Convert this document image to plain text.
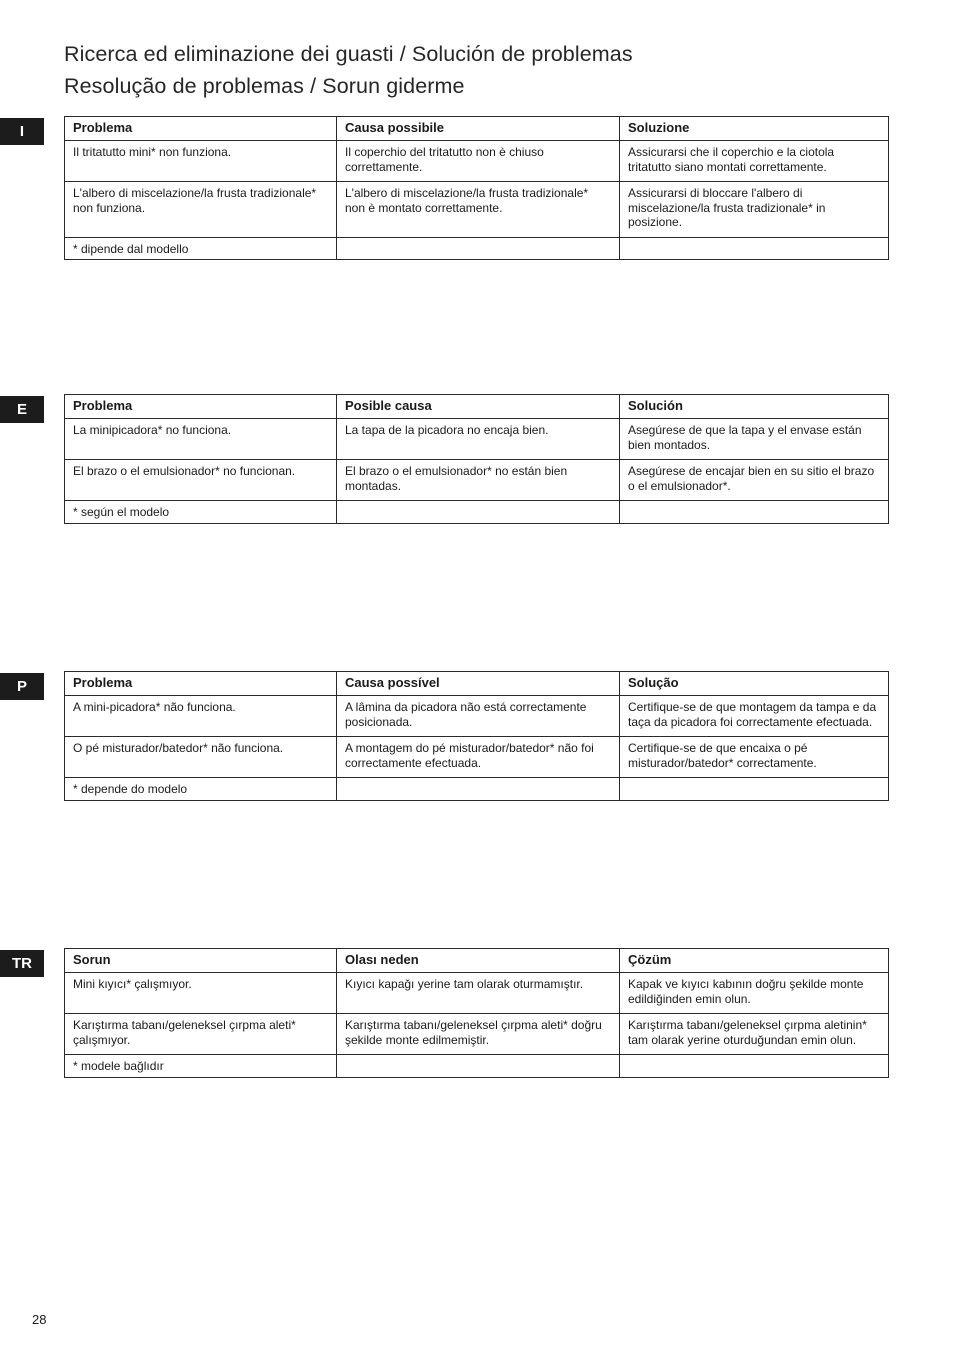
Ricerca ed eliminazione dei guasti / Solución de problemas
Resolução de problemas / Sorun giderme
I	Problema	Causa possibile	Soluzione
Il tritatutto mini* non funziona.	Il coperchio del tritatutto non è chiuso correttamente.	Assicurarsi che il coperchio e la ciotola tritatutto siano montati correttamente.
L'albero di miscelazione/la frusta tradizionale* non funziona.	L'albero di miscelazione/la frusta tradizionale* non è montato correttamente.	Assicurarsi di bloccare l'albero di miscelazione/la frusta tradizionale* in posizione.
* dipende dal modello		
E	Problema	Posible causa	Solución
La minipicadora* no funciona.	La tapa de la picadora no encaja bien.	Asegúrese de que la tapa y el envase están bien montados.
El brazo o el emulsionador* no funcionan.	El brazo o el emulsionador* no están bien montadas.	Asegúrese de encajar bien en su sitio el brazo o el emulsionador*.
* según el modelo		
P	Problema	Causa possível	Solução
A mini-picadora* não funciona.	A lâmina da picadora não está correctamente posicionada.	Certifique-se de que montagem da tampa e da taça da picadora foi correctamente efectuada.
O pé misturador/batedor* não funciona.	A montagem do pé misturador/batedor* não foi correctamente efectuada.	Certifique-se de que encaixa o pé misturador/batedor* correctamente.
* depende do modelo		
TR	Sorun	Olası neden	Çözüm
Mini kıyıcı* çalışmıyor.	Kıyıcı kapağı yerine tam olarak oturmamıştır.	Kapak ve kıyıcı kabının doğru şekilde monte edildiğinden emin olun.
Karıştırma tabanı/geleneksel çırpma aleti* çalışmıyor.	Karıştırma tabanı/geleneksel çırpma aleti* doğru şekilde monte edilmemiştir.	Karıştırma tabanı/geleneksel çırpma aletinin* tam olarak yerine oturduğundan emin olun.
* modele bağlıdır		
28
